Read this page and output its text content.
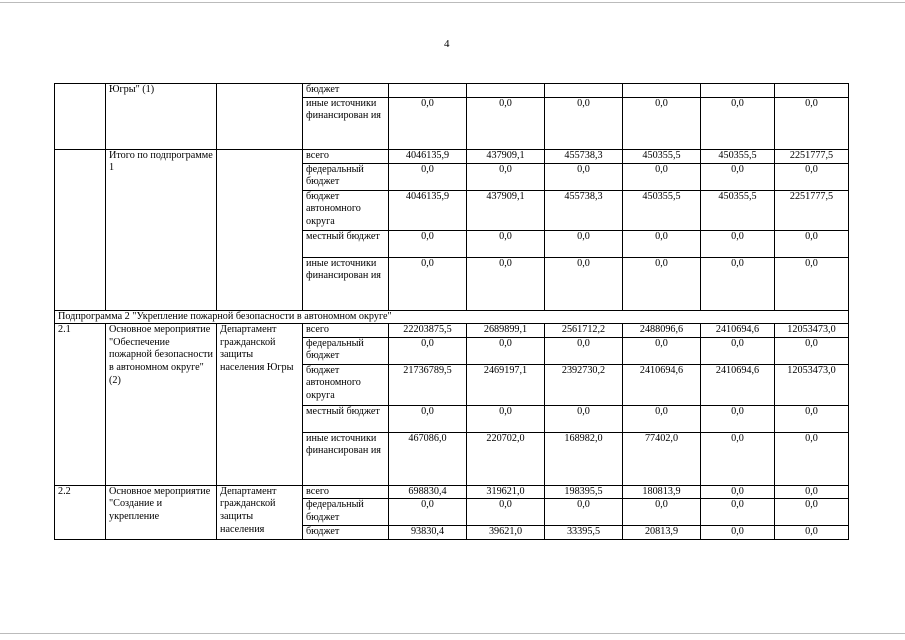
4
	Югры" (1)		бюджет						
			иные источники финансирован ия	0,0	0,0	0,0	0,0	0,0	0,0
	Итого по подпрограмме 1		всего	4046135,9	437909,1	455738,3	450355,5	450355,5	2251777,5
			федеральный бюджет	0,0	0,0	0,0	0,0	0,0	0,0
			бюджет автономного округа	4046135,9	437909,1	455738,3	450355,5	450355,5	2251777,5
			местный бюджет	0,0	0,0	0,0	0,0	0,0	0,0
			иные источники финансирован ия	0,0	0,0	0,0	0,0	0,0	0,0
Подпрограмма 2 "Укрепление пожарной безопасности в автономном округе"									
2.1	Основное мероприятие "Обеспечение пожарной безопасности в автономном округе" (2)	Департамент гражданской защиты населения Югры	всего	22203875,5	2689899,1	2561712,2	2488096,6	2410694,6	12053473,0
			федеральный бюджет	0,0	0,0	0,0	0,0	0,0	0,0
			бюджет автономного округа	21736789,5	2469197,1	2392730,2	2410694,6	2410694,6	12053473,0
			местный бюджет	0,0	0,0	0,0	0,0	0,0	0,0
			иные источники финансирован ия	467086,0	220702,0	168982,0	77402,0	0,0	0,0
2.2	Основное мероприятие "Создание и укрепление	Департамент гражданской защиты населения	всего	698830,4	319621,0	198395,5	180813,9	0,0	0,0
			федеральный бюджет	0,0	0,0	0,0	0,0	0,0	0,0
			бюджет	93830,4	39621,0	33395,5	20813,9	0,0	0,0
